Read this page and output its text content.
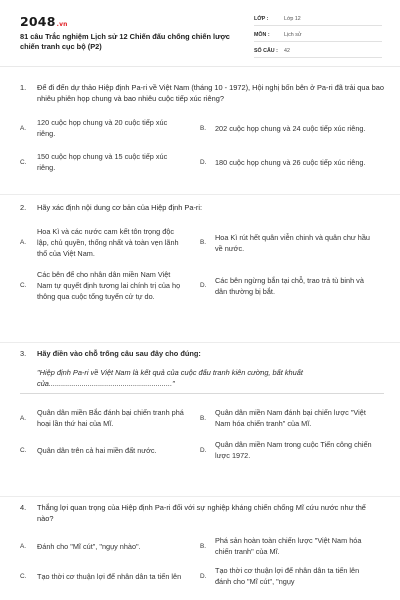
2048.vn
81 câu Trắc nghiệm Lịch sử 12 Chiến đấu chống chiến lược chiến tranh cục bộ (P2)
LỚP :	Lớp 12
MÔN :	Lịch sử
SỐ CÂU :	42
1.	Để đi đến dự thảo Hiệp định Pa-ri về Việt Nam (tháng 10 - 1972), Hội nghị bốn bên ở Pa-ri đã trải qua bao nhiêu phiên họp chung và bao nhiêu cuộc tiếp xúc riêng?
A.
120 cuộc họp chung và 20 cuộc tiếp xúc riêng.
B.	202 cuộc họp chung và 24 cuộc tiếp xúc riêng.
C.
150 cuộc họp chung và 15 cuộc tiếp xúc riêng.
D.	180 cuộc họp chung và 26 cuộc tiếp xúc riêng.
2.	Hãy xác định nội dung cơ bản của Hiệp định Pa-ri:
A.
Hoa Kì và các nước cam kết tôn trọng độc lập, chủ quyền, thống nhất và toàn vẹn lãnh thổ của Việt Nam.
B.
Hoa Kì rút hết quân viễn chinh và quân chư hầu về nước.
C.
Các bên để cho nhân dân miền Nam Việt Nam tự quyết định tương lai chính trị của họ thông qua cuộc tổng tuyển cử tự do.
D.
Các bên ngừng bắn tại chỗ, trao trả tù binh và dân thường bị bắt.
3.	Hãy điền vào chỗ trống câu sau đây cho đúng:
"Hiệp định Pa-ri về Việt Nam là kết quả của cuộc đấu tranh kiên cường, bất khuất của............................................................"
A.
Quân dân miền Bắc đánh bại chiến tranh phá hoại lần thứ hai của Mĩ.
B.
Quân dân miền Nam đánh bại chiến lược "Việt Nam hóa chiến tranh" của Mĩ.
C.	Quân dân trên cả hai miền đất nước.	D.
Quân dân miền Nam trong cuộc Tiến công chiến lược 1972.
4.	Thắng lợi quan trọng của Hiệp định Pa-ri đối với sự nghiệp kháng chiến chống Mĩ cứu nước như thế nào?
A.	Đánh cho "Mĩ cút", "ngụy nhào".	B.
Phá sản hoàn toàn chiến lược "Việt Nam hóa chiến tranh" của Mĩ.
C.	Tạo thời cơ thuận lợi để nhân dân ta tiến lên	D.
Tạo thời cơ thuận lợi để nhân dân ta tiến lên đánh cho "Mĩ cút", "ngụy
